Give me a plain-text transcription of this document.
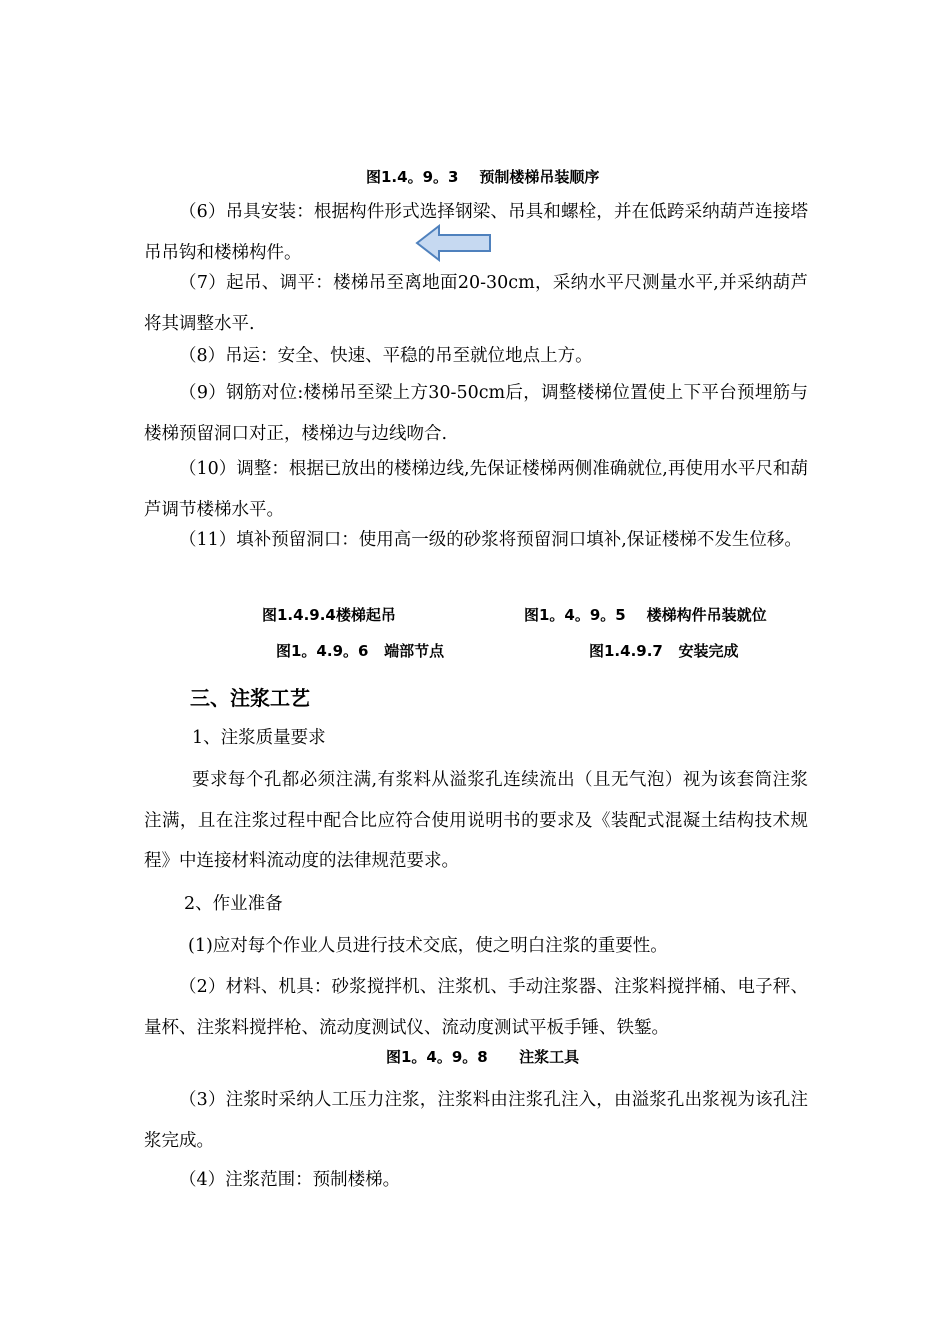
图1.4。9。3    预制楼梯吊装顺序

（6）吊具安装：根据构件形式选择钢梁、吊具和螺栓，并在低跨采纳葫芦连接塔吊吊钩和楼梯构件。

（7）起吊、调平：楼梯吊至离地面20-30cm，采纳水平尺测量水平,并采纳葫芦将其调整水平.

（8）吊运：安全、快速、平稳的吊至就位地点上方。

（9）钢筋对位:楼梯吊至梁上方30-50cm后，调整楼梯位置使上下平台预埋筋与楼梯预留洞口对正，楼梯边与边线吻合.

（10）调整：根据已放出的楼梯边线,先保证楼梯两侧准确就位,再使用水平尺和葫芦调节楼梯水平。

（11）填补预留洞口：使用高一级的砂浆将预留洞口填补,保证楼梯不发生位移。

图1.4.9.4楼梯起吊	图1。4。9。5    楼梯构件吊装就位
图1。4.9。6   端部节点	图1.4.9.7   安装完成
三、注浆工艺

1、注浆质量要求

要求每个孔都必须注满,有浆料从溢浆孔连续流出（且无气泡）视为该套筒注浆注满，且在注浆过程中配合比应符合使用说明书的要求及《装配式混凝土结构技术规程》中连接材料流动度的法律规范要求。

2、作业准备

(1)应对每个作业人员进行技术交底，使之明白注浆的重要性。

（2）材料、机具：砂浆搅拌机、注浆机、手动注浆器、注浆料搅拌桶、电子秤、量杯、注浆料搅拌枪、流动度测试仪、流动度测试平板手锤、铁錾。

图1。4。9。8      注浆工具

（3）注浆时采纳人工压力注浆，注浆料由注浆孔注入，由溢浆孔出浆视为该孔注浆完成。

（4）注浆范围：预制楼梯。
